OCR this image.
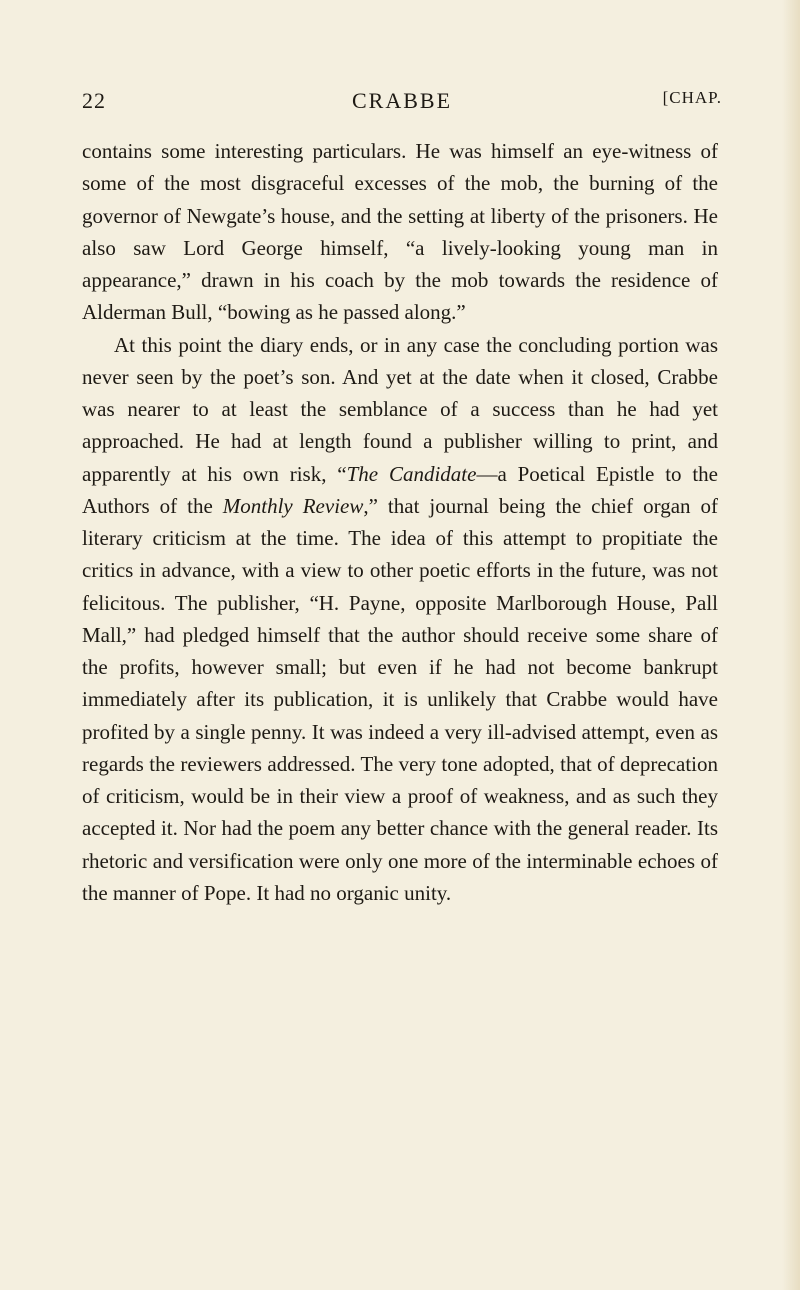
22	CRABBE	[CHAP.

contains some interesting particulars. He was himself an eye-witness of some of the most disgraceful excesses of the mob, the burning of the governor of Newgate’s house, and the setting at liberty of the prisoners. He also saw Lord George himself, “a lively-looking young man in appearance,” drawn in his coach by the mob towards the residence of Alderman Bull, “bowing as he passed along.”

At this point the diary ends, or in any case the concluding portion was never seen by the poet’s son. And yet at the date when it closed, Crabbe was nearer to at least the semblance of a success than he had yet approached. He had at length found a publisher willing to print, and apparently at his own risk, “The Candidate—a Poetical Epistle to the Authors of the Monthly Review,” that journal being the chief organ of literary criticism at the time. The idea of this attempt to propitiate the critics in advance, with a view to other poetic efforts in the future, was not felicitous. The publisher, “H. Payne, opposite Marlborough House, Pall Mall,” had pledged himself that the author should receive some share of the profits, however small; but even if he had not become bankrupt immediately after its publication, it is unlikely that Crabbe would have profited by a single penny. It was indeed a very ill-advised attempt, even as regards the reviewers addressed. The very tone adopted, that of deprecation of criticism, would be in their view a proof of weakness, and as such they accepted it. Nor had the poem any better chance with the general reader. Its rhetoric and versification were only one more of the interminable echoes of the manner of Pope. It had no organic unity.
